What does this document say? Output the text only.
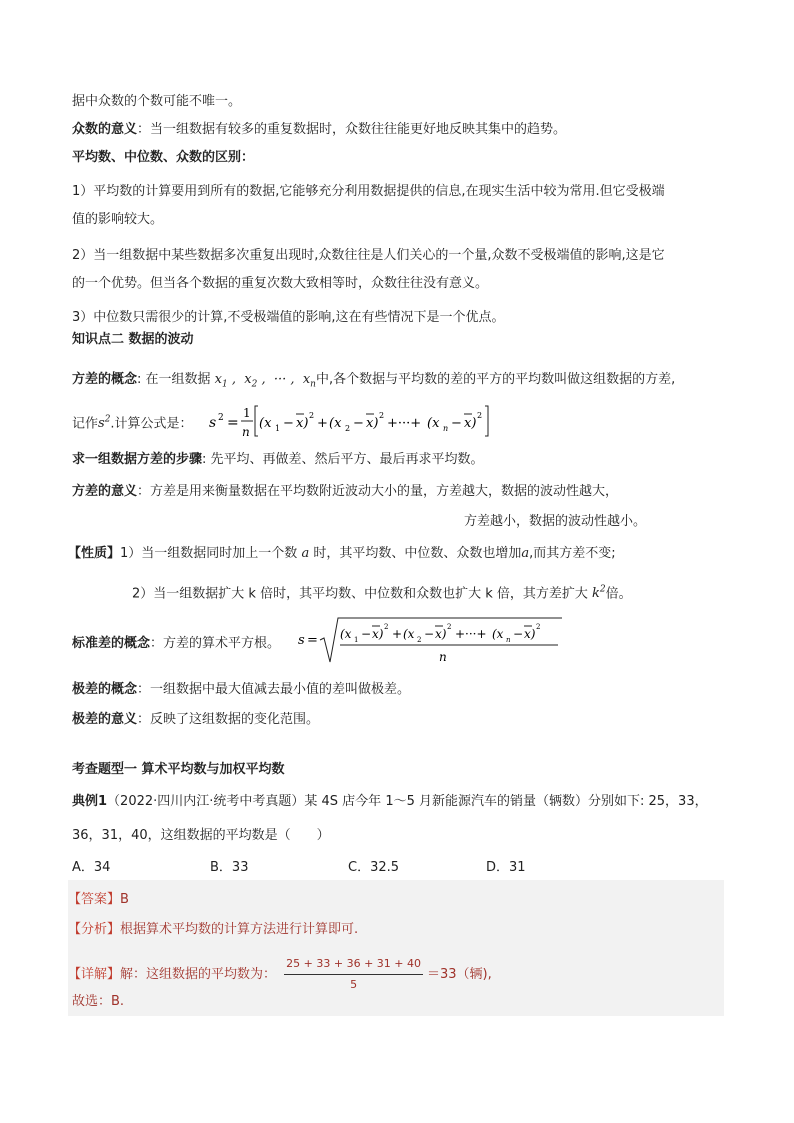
据中众数的个数可能不唯一。
众数的意义：当一组数据有较多的重复数据时，众数往往能更好地反映其集中的趋势。
平均数、中位数、众数的区别：
1）平均数的计算要用到所有的数据,它能够充分利用数据提供的信息,在现实生活中较为常用.但它受极端
值的影响较大。
2）当一组数据中某些数据多次重复出现时,众数往往是人们关心的一个量,众数不受极端值的影响,这是它
的一个优势。但当各个数据的重复次数大致相等时，众数往往没有意义。
3）中位数只需很少的计算,不受极端值的影响,这在有些情况下是一个优点。
知识点二 数据的波动
方差的概念: 在一组数据 $x_1$ ,  $x_2$ ,  ··· ,  $x_n$中,各个数据与平均数的差的平方的平均数叫做这组数据的方差,
记作$s^2$.计算公式是： s 2 =
1
n
(x 1 − x)
2
+ (x 2 − x)
2
+···+ (x n − x)
2
求一组数据方差的步骤: 先平均、再做差、然后平方、最后再求平均数。
方差的意义：方差是用来衡量数据在平均数附近波动大小的量，方差越大，数据的波动性越大，
方差越小，数据的波动性越小。
【性质】1）当一组数据同时加上一个数 a 时，其平均数、中位数、众数也增加a,而其方差不变;
2）当一组数据扩大 k 倍时，其平均数、中位数和众数也扩大 k 倍，其方差扩大 $k^2$倍。
标准差的概念：方差的算术平方根。 s = (x 1 − x) 2 + (x 2 − x) 2 +···+ (x n − x) 2
n
极差的概念：一组数据中最大值减去最小值的差叫做极差。
极差的意义：反映了这组数据的变化范围。
考查题型一 算术平均数与加权平均数
典例1（2022·四川内江·统考中考真题）某 4S 店今年 1～5 月新能源汽车的销量（辆数）分别如下: 25，33，
36，31，40，这组数据的平均数是（　　）
A．34	B．33	C．32.5	D．31
【答案】B
【分析】根据算术平均数的计算方法进行计算即可.
【详解】解：这组数据的平均数为： $\frac{25 + 33 + 36 + 31 + 40}{5} =33$（辆),
故选：B.
